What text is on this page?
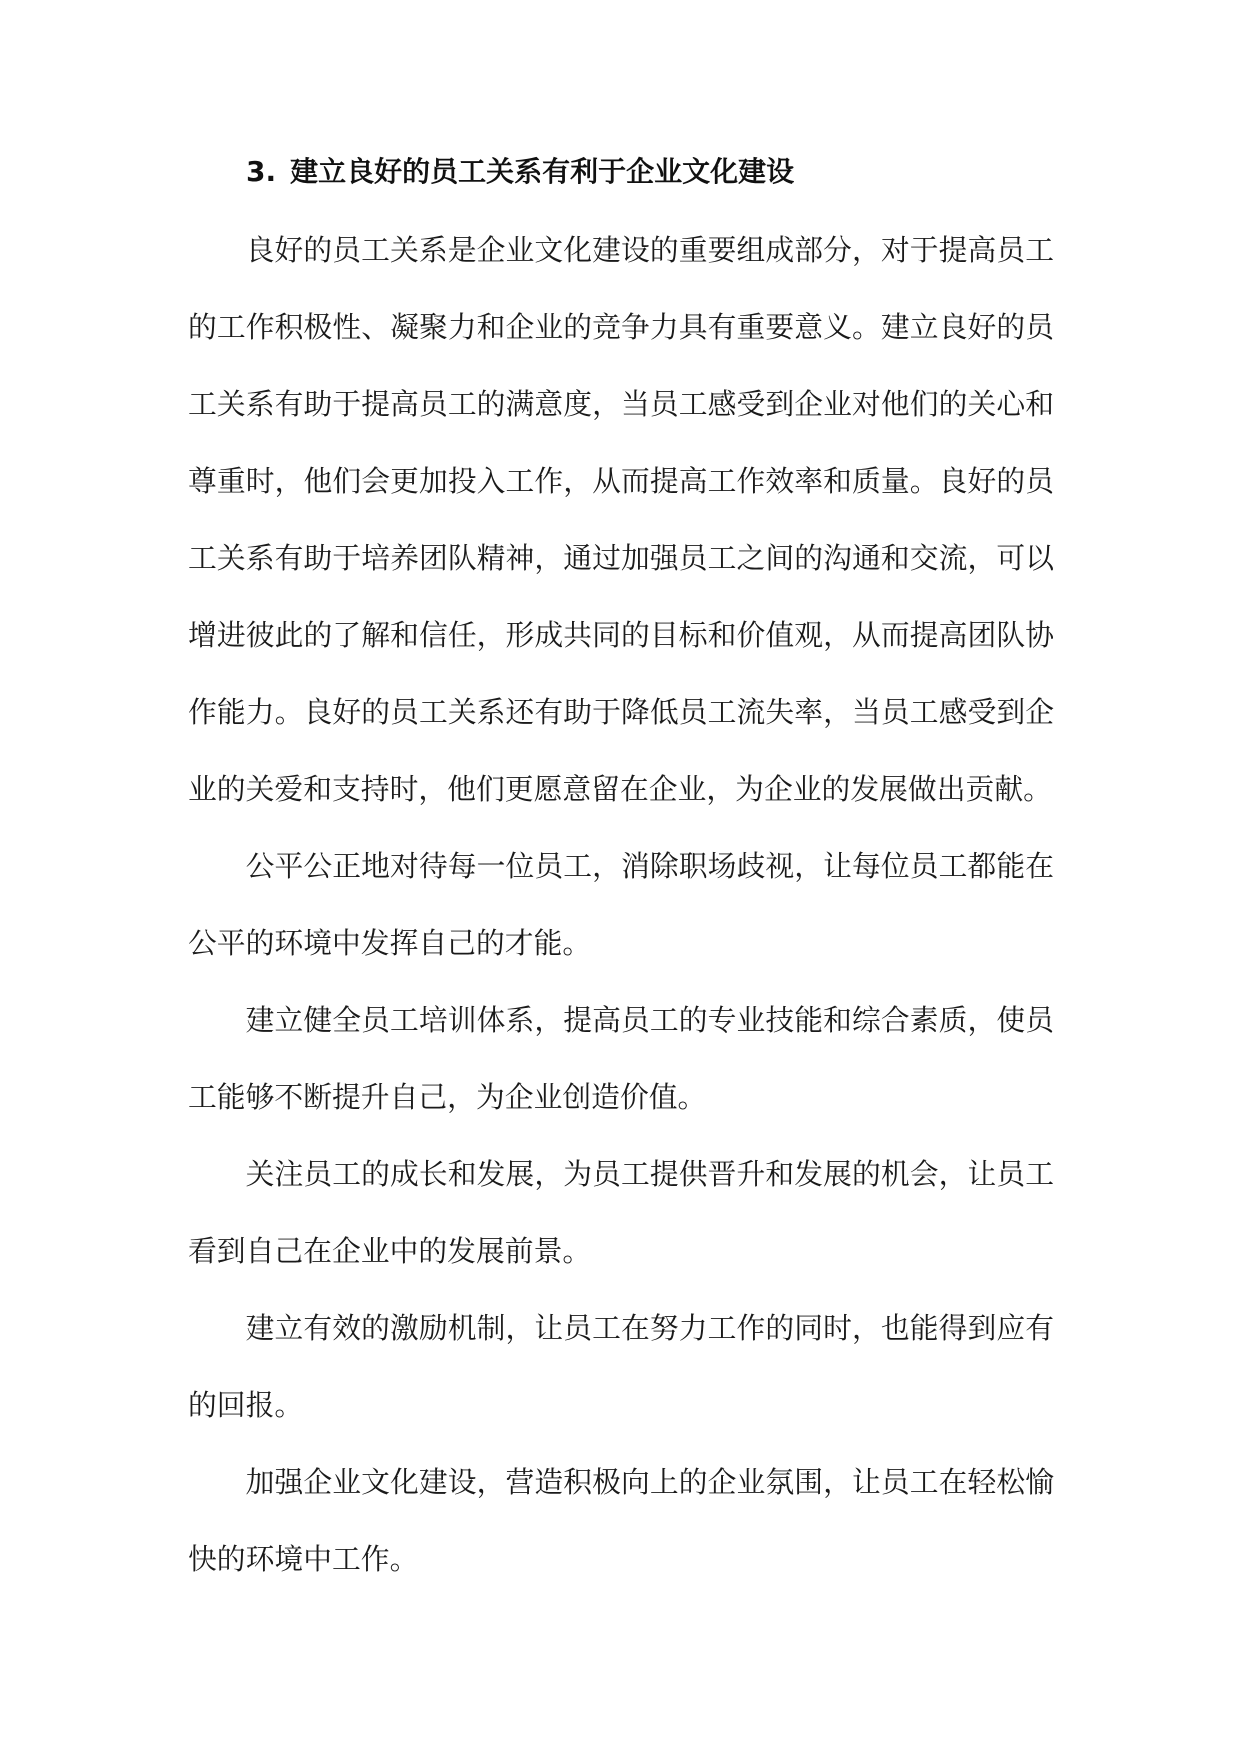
3. 建立良好的员工关系有利于企业文化建设

良好的员工关系是企业文化建设的重要组成部分，对于提高员工的工作积极性、凝聚力和企业的竞争力具有重要意义。建立良好的员工关系有助于提高员工的满意度，当员工感受到企业对他们的关心和尊重时，他们会更加投入工作，从而提高工作效率和质量。良好的员工关系有助于培养团队精神，通过加强员工之间的沟通和交流，可以增进彼此的了解和信任，形成共同的目标和价值观，从而提高团队协作能力。良好的员工关系还有助于降低员工流失率，当员工感受到企业的关爱和支持时，他们更愿意留在企业，为企业的发展做出贡献。

公平公正地对待每一位员工，消除职场歧视，让每位员工都能在公平的环境中发挥自己的才能。

建立健全员工培训体系，提高员工的专业技能和综合素质，使员工能够不断提升自己，为企业创造价值。

关注员工的成长和发展，为员工提供晋升和发展的机会，让员工看到自己在企业中的发展前景。

建立有效的激励机制，让员工在努力工作的同时，也能得到应有的回报。

加强企业文化建设，营造积极向上的企业氛围，让员工在轻松愉快的环境中工作。
